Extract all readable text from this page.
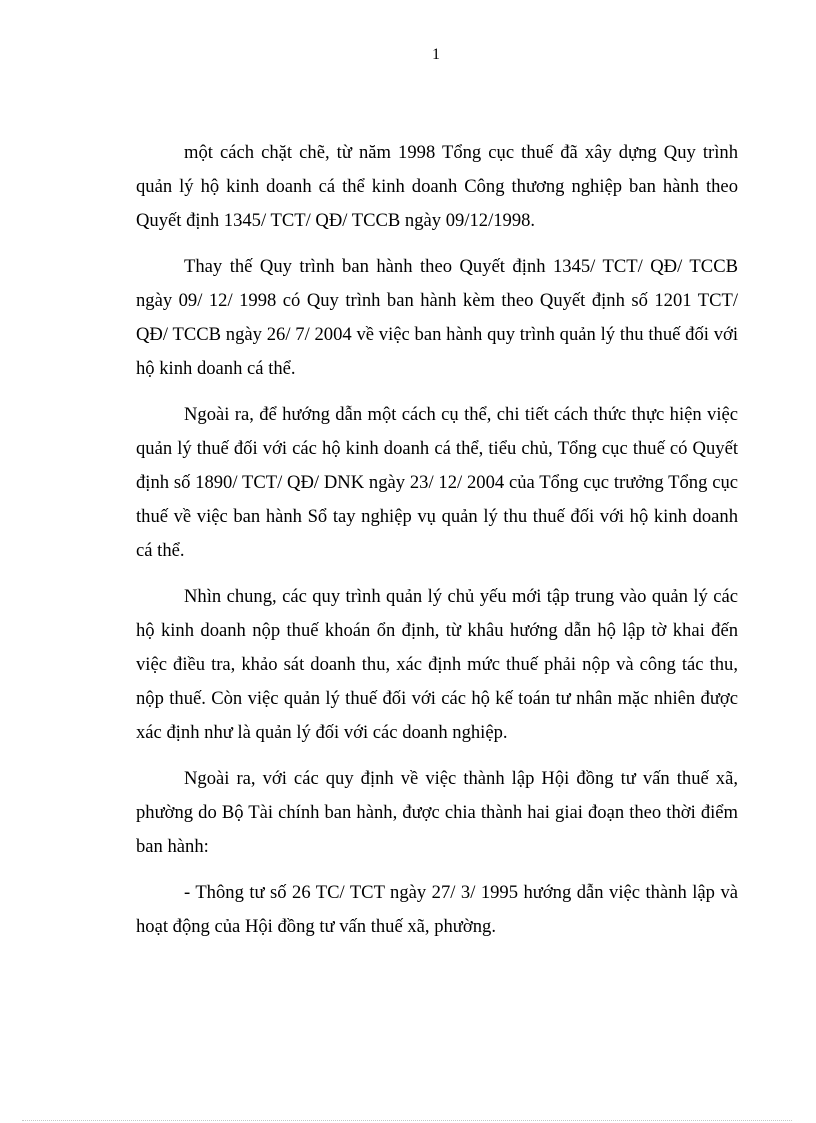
1

một cách chặt chẽ, từ năm 1998 Tổng cục thuế đã xây dựng Quy trình quản lý hộ kinh doanh cá thể kinh doanh Công thương nghiệp ban hành theo Quyết định 1345/ TCT/ QĐ/ TCCB ngày 09/12/1998.

Thay thế Quy trình ban hành theo Quyết định 1345/ TCT/ QĐ/ TCCB ngày 09/ 12/ 1998 có Quy trình ban hành kèm theo Quyết định số 1201 TCT/ QĐ/ TCCB ngày 26/ 7/ 2004 về việc ban hành quy trình quản lý thu thuế đối với hộ kinh doanh cá thể.

Ngoài ra, để hướng dẫn một cách cụ thể, chi tiết cách thức thực hiện việc quản lý thuế đối với các hộ kinh doanh cá thể, tiểu chủ, Tổng cục thuế có Quyết định số 1890/ TCT/ QĐ/ DNK ngày 23/ 12/ 2004 của Tổng cục trưởng Tổng cục thuế về việc ban hành Sổ tay nghiệp vụ quản lý thu thuế đối với hộ kinh doanh cá thể.

Nhìn chung, các quy trình quản lý chủ yếu mới tập trung vào quản lý các hộ kinh doanh nộp thuế khoán ổn định, từ khâu hướng dẫn hộ lập tờ khai đến việc điều tra, khảo sát doanh thu, xác định mức thuế phải nộp và công tác thu, nộp thuế. Còn việc quản lý thuế đối với các hộ kế toán tư nhân mặc nhiên được xác định như là quản lý đối với các doanh nghiệp.

Ngoài ra, với các quy định về việc thành lập Hội đồng tư vấn thuế xã, phường do Bộ Tài chính ban hành, được chia thành hai giai đoạn theo thời điểm ban hành:

- Thông tư số 26 TC/ TCT ngày 27/ 3/ 1995 hướng dẫn việc thành lập và hoạt động của Hội đồng tư vấn thuế xã, phường.
